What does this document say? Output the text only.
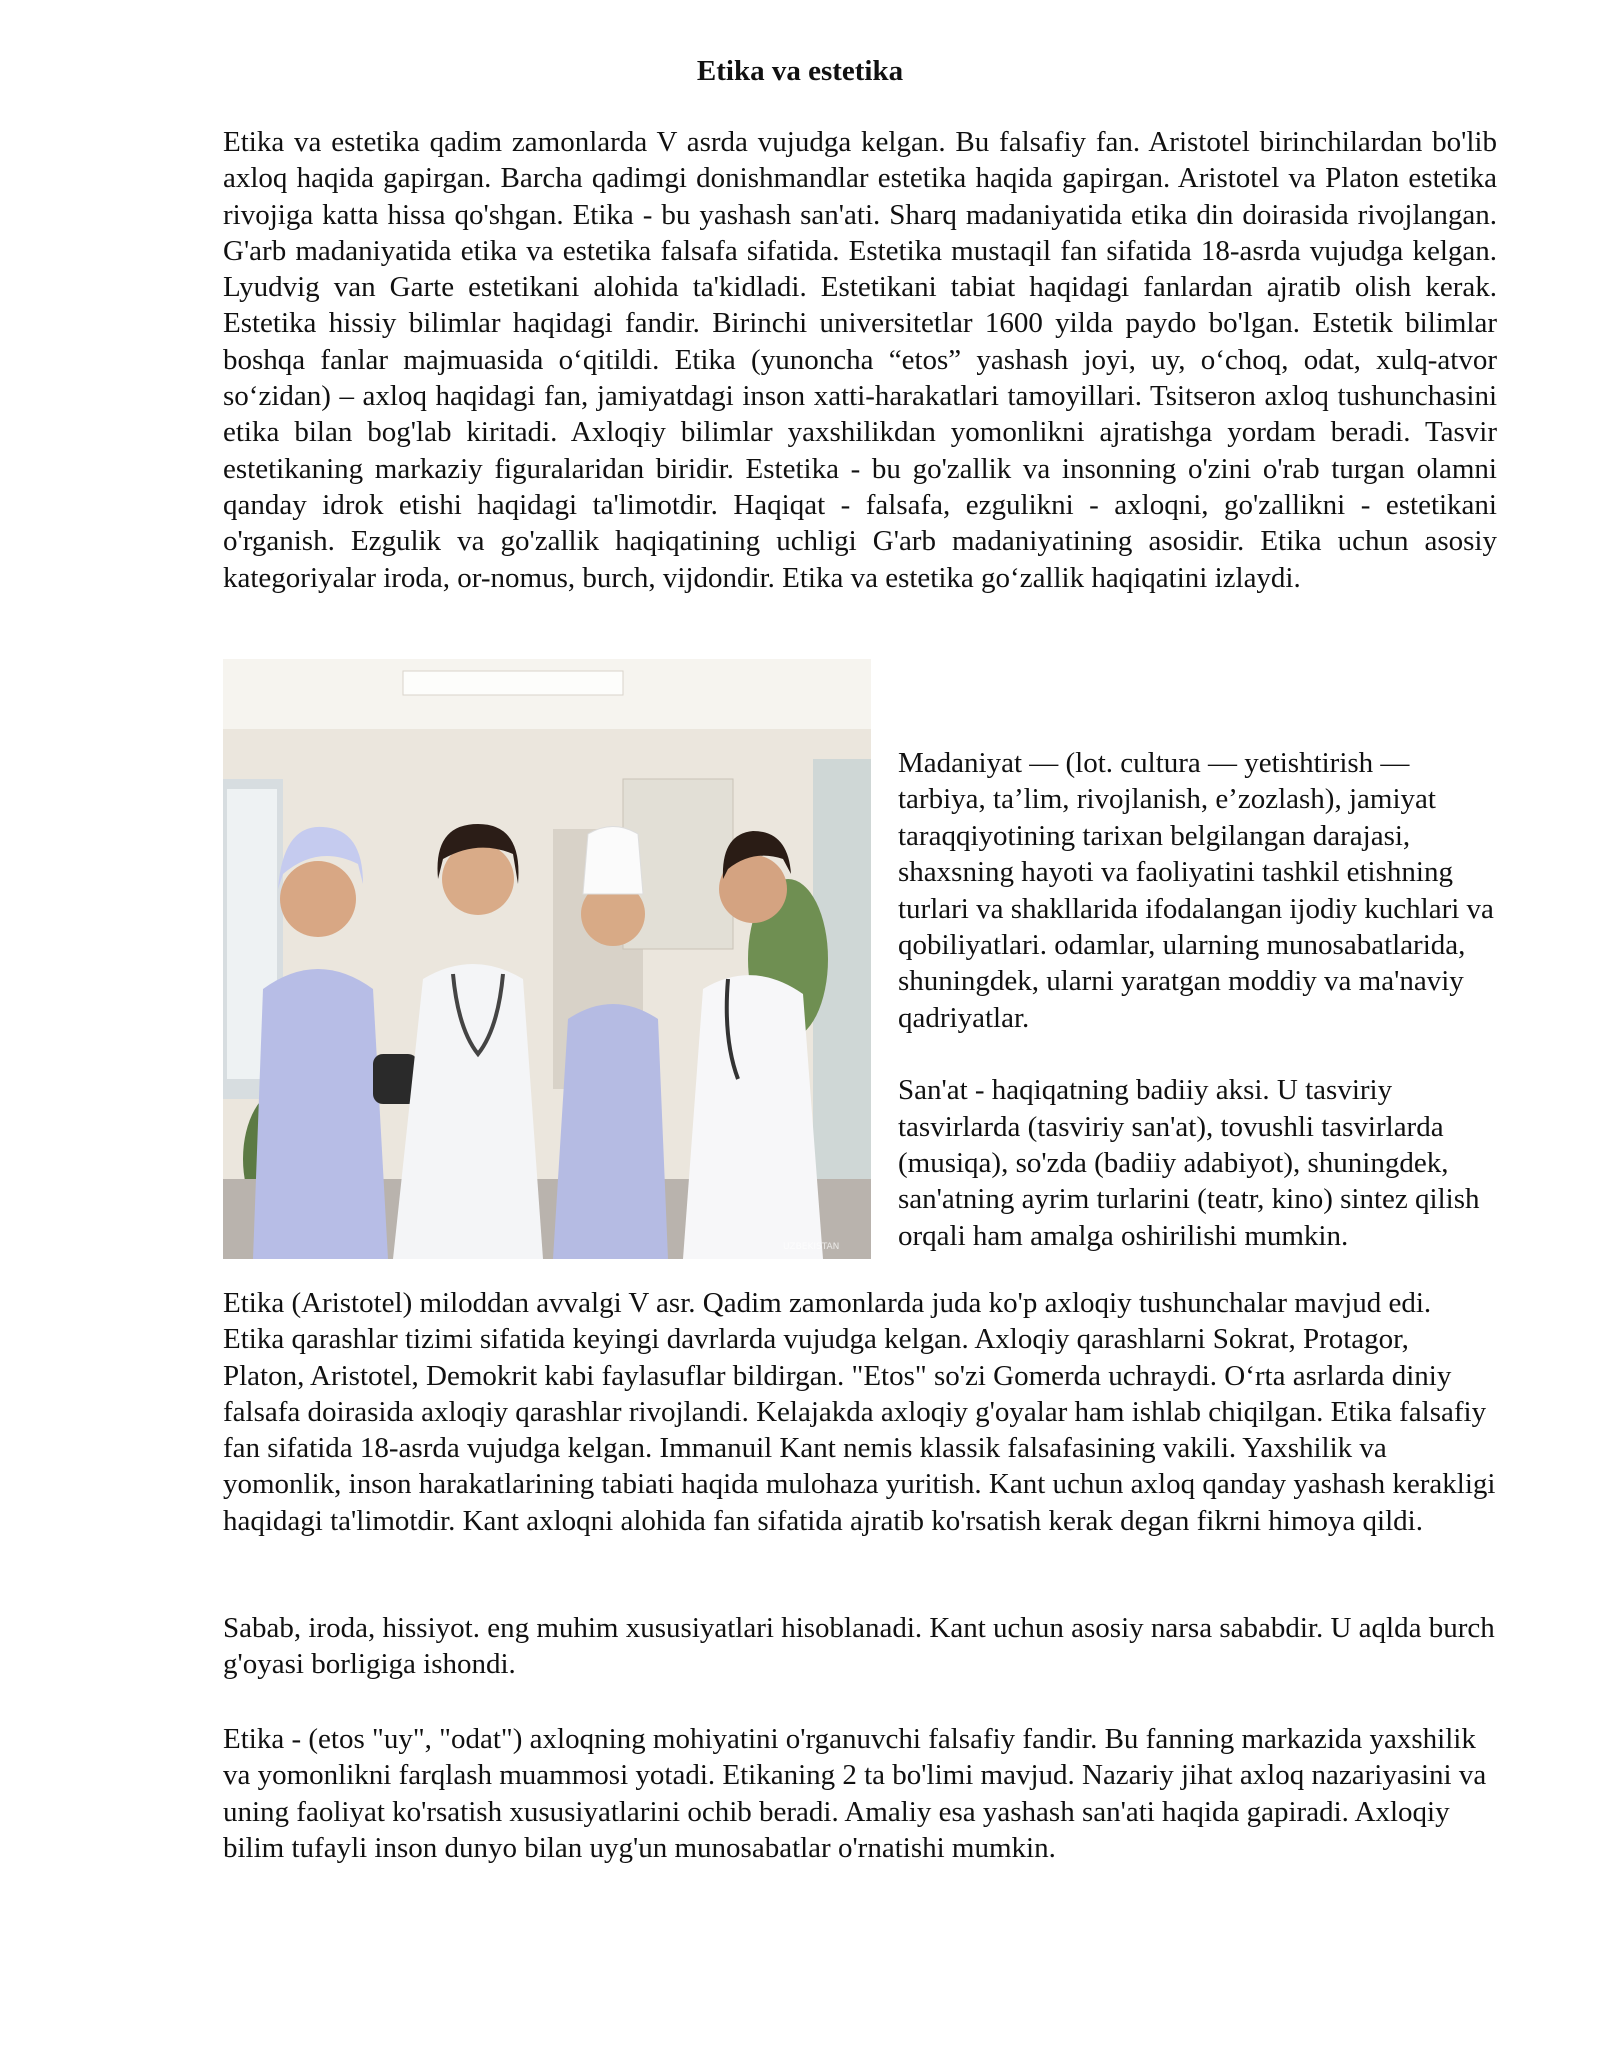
Etika va estetika
Etika va estetika qadim zamonlarda V asrda vujudga kelgan. Bu falsafiy fan. Aristotel birinchilardan bo'lib axloq haqida gapirgan. Barcha qadimgi donishmandlar estetika haqida gapirgan. Aristotel va Platon estetika rivojiga katta hissa qo'shgan. Etika - bu yashash san'ati. Sharq madaniyatida etika din doirasida rivojlangan. G'arb madaniyatida etika va estetika falsafa sifatida. Estetika mustaqil fan sifatida 18-asrda vujudga kelgan. Lyudvig van Garte estetikani alohida ta'kidladi. Estetikani tabiat haqidagi fanlardan ajratib olish kerak. Estetika hissiy bilimlar haqidagi fandir. Birinchi universitetlar 1600 yilda paydo bo'lgan. Estetik bilimlar boshqa fanlar majmuasida o‘qitildi. Etika (yunoncha “etos” yashash joyi, uy, o‘choq, odat, xulq-atvor so‘zidan) – axloq haqidagi fan, jamiyatdagi inson xatti-harakatlari tamoyillari. Tsitseron axloq tushunchasini etika bilan bog'lab kiritadi. Axloqiy bilimlar yaxshilikdan yomonlikni ajratishga yordam beradi. Tasvir estetikaning markaziy figuralaridan biridir. Estetika - bu go'zallik va insonning o'zini o'rab turgan olamni qanday idrok etishi haqidagi ta'limotdir. Haqiqat - falsafa, ezgulikni - axloqni, go'zallikni - estetikani o'rganish. Ezgulik va go'zallik haqiqatining uchligi G'arb madaniyatining asosidir. Etika uchun asosiy kategoriyalar iroda, or-nomus, burch, vijdondir. Etika va estetika go‘zallik haqiqatini izlaydi.
UZBEKISTAN

Madaniyat — (lot. cultura — yetishtirish — tarbiya, ta’lim, rivojlanish, e’zozlash), jamiyat taraqqiyotining tarixan belgilangan darajasi, shaxsning hayoti va faoliyatini tashkil etishning turlari va shakllarida ifodalangan ijodiy kuchlari va qobiliyatlari. odamlar, ularning munosabatlarida, shuningdek, ularni yaratgan moddiy va ma'naviy qadriyatlar.

San'at - haqiqatning badiiy aksi. U tasviriy tasvirlarda (tasviriy san'at), tovushli tasvirlarda (musiqa), so'zda (badiiy adabiyot), shuningdek, san'atning ayrim turlarini (teatr, kino) sintez qilish orqali ham amalga oshirilishi mumkin.

Etika (Aristotel) miloddan avvalgi V asr. Qadim zamonlarda juda ko'p axloqiy tushunchalar mavjud edi. Etika qarashlar tizimi sifatida keyingi davrlarda vujudga kelgan. Axloqiy qarashlarni Sokrat, Protagor, Platon, Aristotel, Demokrit kabi faylasuflar bildirgan. "Etos" so'zi Gomerda uchraydi. O‘rta asrlarda diniy falsafa doirasida axloqiy qarashlar rivojlandi. Kelajakda axloqiy g'oyalar ham ishlab chiqilgan. Etika falsafiy fan sifatida 18-asrda vujudga kelgan. Immanuil Kant nemis klassik falsafasining vakili. Yaxshilik va yomonlik, inson harakatlarining tabiati haqida mulohaza yuritish. Kant uchun axloq qanday yashash kerakligi haqidagi ta'limotdir. Kant axloqni alohida fan sifatida ajratib ko'rsatish kerak degan fikrni himoya qildi.
Sabab, iroda, hissiyot. eng muhim xususiyatlari hisoblanadi. Kant uchun asosiy narsa sababdir. U aqlda burch g'oyasi borligiga ishondi.
Etika - (etos "uy", "odat") axloqning mohiyatini o'rganuvchi falsafiy fandir. Bu fanning markazida yaxshilik va yomonlikni farqlash muammosi yotadi. Etikaning 2 ta bo'limi mavjud. Nazariy jihat axloq nazariyasini va uning faoliyat ko'rsatish xususiyatlarini ochib beradi. Amaliy esa yashash san'ati haqida gapiradi. Axloqiy bilim tufayli inson dunyo bilan uyg'un munosabatlar o'rnatishi mumkin.
